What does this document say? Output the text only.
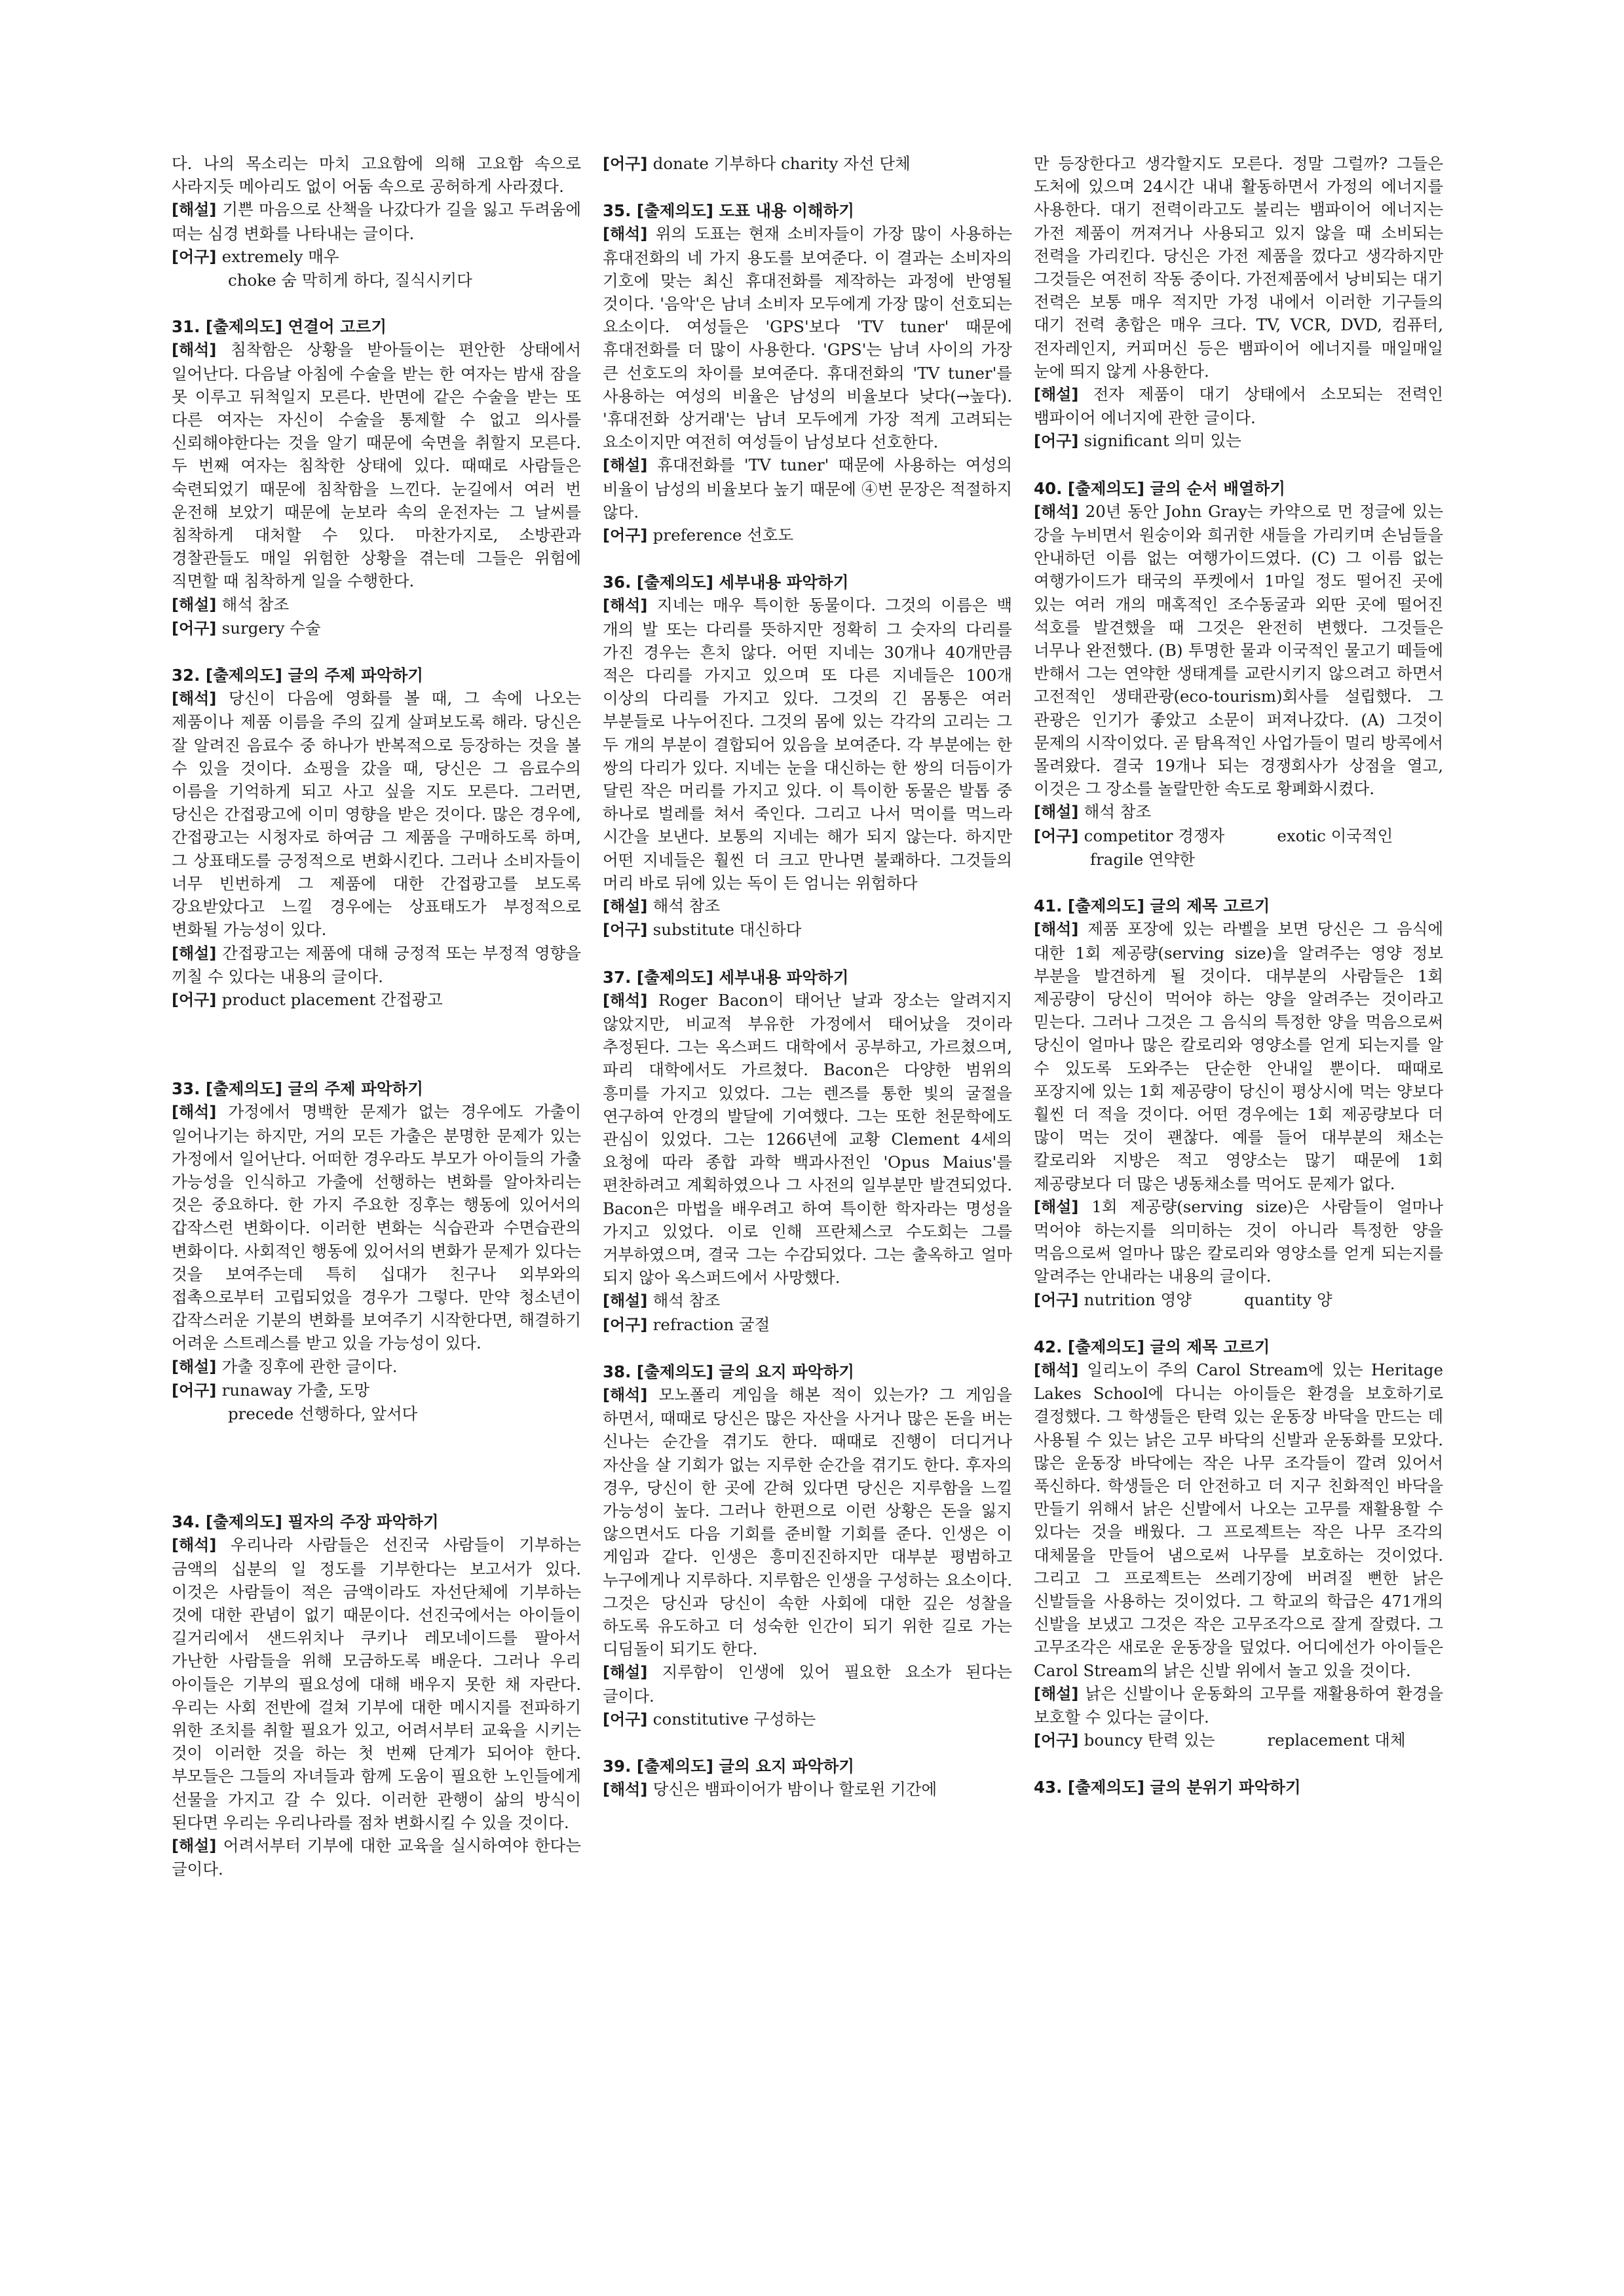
다. 나의 목소리는 마치 고요함에 의해 고요함 속으로 사라지듯 메아리도 없이 어둠 속으로 공허하게 사라졌다.

[ 해설 ] 기쁜 마음으로 산책을 나갔다가 길을 잃고 두려움에 떠는 심경 변화를 나타내는 글이다.

[ 어구 ] extremely 매우

choke 숨 막히게 하다, 질식시키다

31. [출제의도] 연결어 고르기

[ 해석 ] 침착함은 상황을 받아들이는 편안한 상태에서 일어난다. 다음날 아침에 수술을 받는 한 여자는 밤새 잠을 못 이루고 뒤척일지 모른다. 반면에 같은 수술을 받는 또 다른 여자는 자신이 수술을 통제할 수 없고 의사를 신뢰해야한다는 것을 알기 때문에 숙면을 취할지 모른다. 두 번째 여자는 침착한 상태에 있다. 때때로 사람들은 숙련되었기 때문에 침착함을 느낀다. 눈길에서 여러 번 운전해 보았기 때문에 눈보라 속의 운전자는 그 날씨를 침착하게 대처할 수 있다. 마찬가지로, 소방관과 경찰관들도 매일 위험한 상황을 겪는데 그들은 위험에 직면할 때 침착하게 일을 수행한다.

[ 해설 ] 해석 참조

[ 어구 ] surgery 수술

32. [출제의도] 글의 주제 파악하기

[ 해석 ] 당신이 다음에 영화를 볼 때, 그 속에 나오는 제품이나 제품 이름을 주의 깊게 살펴보도록 해라. 당신은 잘 알려진 음료수 중 하나가 반복적으로 등장하는 것을 볼 수 있을 것이다. 쇼핑을 갔을 때, 당신은 그 음료수의 이름을 기억하게 되고 사고 싶을 지도 모른다. 그러면, 당신은 간접광고에 이미 영향을 받은 것이다. 많은 경우에, 간접광고는 시청자로 하여금 그 제품을 구매하도록 하며, 그 상표태도를 긍정적으로 변화시킨다. 그러나 소비자들이 너무 빈번하게 그 제품에 대한 간접광고를 보도록 강요받았다고 느낄 경우에는 상표태도가 부정적으로 변화될 가능성이 있다.

[ 해설 ] 간접광고는 제품에 대해 긍정적 또는 부정적 영향을 끼칠 수 있다는 내용의 글이다.

[ 어구 ] product placement 간접광고

33. [출제의도] 글의 주제 파악하기

[ 해석 ] 가정에서 명백한 문제가 없는 경우에도 가출이 일어나기는 하지만, 거의 모든 가출은 분명한 문제가 있는 가정에서 일어난다. 어떠한 경우라도 부모가 아이들의 가출 가능성을 인식하고 가출에 선행하는 변화를 알아차리는 것은 중요하다. 한 가지 주요한 징후는 행동에 있어서의 갑작스런 변화이다. 이러한 변화는 식습관과 수면습관의 변화이다. 사회적인 행동에 있어서의 변화가 문제가 있다는 것을 보여주는데 특히 십대가 친구나 외부와의 접촉으로부터 고립되었을 경우가 그렇다. 만약 청소년이 갑작스러운 기분의 변화를 보여주기 시작한다면, 해결하기 어려운 스트레스를 받고 있을 가능성이 있다.

[ 해설 ] 가출 징후에 관한 글이다.

[ 어구 ] runaway 가출, 도망

precede 선행하다, 앞서다

34. [출제의도] 필자의 주장 파악하기

[ 해석 ] 우리나라 사람들은 선진국 사람들이 기부하는 금액의 십분의 일 정도를 기부한다는 보고서가 있다. 이것은 사람들이 적은 금액이라도 자선단체에 기부하는 것에 대한 관념이 없기 때문이다. 선진국에서는 아이들이 길거리에서 샌드위치나 쿠키나 레모네이드를 팔아서 가난한 사람들을 위해 모금하도록 배운다. 그러나 우리 아이들은 기부의 필요성에 대해 배우지 못한 채 자란다. 우리는 사회 전반에 걸쳐 기부에 대한 메시지를 전파하기 위한 조치를 취할 필요가 있고, 어려서부터 교육을 시키는 것이 이러한 것을 하는 첫 번째 단계가 되어야 한다. 부모들은 그들의 자녀들과 함께 도움이 필요한 노인들에게 선물을 가지고 갈 수 있다. 이러한 관행이 삶의 방식이 된다면 우리는 우리나라를 점차 변화시킬 수 있을 것이다.

[ 해설 ] 어려서부터 기부에 대한 교육을 실시하여야 한다는 글이다.

[ 어구 ] donate 기부하다 charity 자선 단체

35. [출제의도] 도표 내용 이해하기

[ 해석 ] 위의 도표는 현재 소비자들이 가장 많이 사용하는 휴대전화의 네 가지 용도를 보여준다. 이 결과는 소비자의 기호에 맞는 최신 휴대전화를 제작하는 과정에 반영될 것이다. '음악'은 남녀 소비자 모두에게 가장 많이 선호되는 요소이다. 여성들은 'GPS'보다 'TV tuner' 때문에 휴대전화를 더 많이 사용한다. 'GPS'는 남녀 사이의 가장 큰 선호도의 차이를 보여준다. 휴대전화의 'TV tuner'를 사용하는 여성의 비율은 남성의 비율보다 낮다(→높다). '휴대전화 상거래'는 남녀 모두에게 가장 적게 고려되는 요소이지만 여전히 여성들이 남성보다 선호한다.

[ 해설 ] 휴대전화를 'TV tuner' 때문에 사용하는 여성의 비율이 남성의 비율보다 높기 때문에 ④번 문장은 적절하지 않다.

[ 어구 ] preference 선호도

36. [출제의도] 세부내용 파악하기

[ 해석 ] 지네는 매우 특이한 동물이다. 그것의 이름은 백 개의 발 또는 다리를 뜻하지만 정확히 그 숫자의 다리를 가진 경우는 흔치 않다. 어떤 지네는 30개나 40개만큼 적은 다리를 가지고 있으며 또 다른 지네들은 100개 이상의 다리를 가지고 있다. 그것의 긴 몸통은 여러 부분들로 나누어진다. 그것의 몸에 있는 각각의 고리는 그 두 개의 부분이 결합되어 있음을 보여준다. 각 부분에는 한 쌍의 다리가 있다. 지네는 눈을 대신하는 한 쌍의 더듬이가 달린 작은 머리를 가지고 있다. 이 특이한 동물은 발톱 중 하나로 벌레를 쳐서 죽인다. 그리고 나서 먹이를 먹느라 시간을 보낸다. 보통의 지네는 해가 되지 않는다. 하지만 어떤 지네들은 훨씬 더 크고 만나면 불쾌하다. 그것들의 머리 바로 뒤에 있는 독이 든 엄니는 위험하다

[ 해설 ] 해석 참조

[ 어구 ] substitute 대신하다

37. [출제의도] 세부내용 파악하기

[ 해석 ] Roger Bacon이 태어난 날과 장소는 알려지지 않았지만, 비교적 부유한 가정에서 태어났을 것이라 추정된다. 그는 옥스퍼드 대학에서 공부하고, 가르쳤으며, 파리 대학에서도 가르쳤다. Bacon은 다양한 범위의 흥미를 가지고 있었다. 그는 렌즈를 통한 빛의 굴절을 연구하여 안경의 발달에 기여했다. 그는 또한 천문학에도 관심이 있었다. 그는 1266년에 교황 Clement 4세의 요청에 따라 종합 과학 백과사전인 'Opus Maius'를 편찬하려고 계획하였으나 그 사전의 일부분만 발견되었다. Bacon은 마법을 배우려고 하여 특이한 학자라는 명성을 가지고 있었다. 이로 인해 프란체스코 수도회는 그를 거부하였으며, 결국 그는 수감되었다. 그는 출옥하고 얼마 되지 않아 옥스퍼드에서 사망했다.

[ 해설 ] 해석 참조

[ 어구 ] refraction 굴절

38. [출제의도] 글의 요지 파악하기

[ 해석 ] 모노폴리 게임을 해본 적이 있는가? 그 게임을 하면서, 때때로 당신은 많은 자산을 사거나 많은 돈을 버는 신나는 순간을 겪기도 한다. 때때로 진행이 더디거나 자산을 살 기회가 없는 지루한 순간을 겪기도 한다. 후자의 경우, 당신이 한 곳에 갇혀 있다면 당신은 지루함을 느낄 가능성이 높다. 그러나 한편으로 이런 상황은 돈을 잃지 않으면서도 다음 기회를 준비할 기회를 준다. 인생은 이 게임과 같다. 인생은 흥미진진하지만 대부분 평범하고 누구에게나 지루하다. 지루함은 인생을 구성하는 요소이다. 그것은 당신과 당신이 속한 사회에 대한 깊은 성찰을 하도록 유도하고 더 성숙한 인간이 되기 위한 길로 가는 디딤돌이 되기도 한다.

[ 해설 ] 지루함이 인생에 있어 필요한 요소가 된다는 글이다.

[ 어구 ] constitutive 구성하는

39. [출제의도] 글의 요지 파악하기

[ 해석 ] 당신은 뱀파이어가 밤이나 할로윈 기간에

만 등장한다고 생각할지도 모른다. 정말 그럴까? 그들은 도처에 있으며 24시간 내내 활동하면서 가정의 에너지를 사용한다. 대기 전력이라고도 불리는 뱀파이어 에너지는 가전 제품이 꺼져거나 사용되고 있지 않을 때 소비되는 전력을 가리킨다. 당신은 가전 제품을 껐다고 생각하지만 그것들은 여전히 작동 중이다. 가전제품에서 낭비되는 대기 전력은 보통 매우 적지만 가정 내에서 이러한 기구들의 대기 전력 총합은 매우 크다. TV, VCR, DVD, 컴퓨터, 전자레인지, 커피머신 등은 뱀파이어 에너지를 매일매일 눈에 띄지 않게 사용한다.

[ 해설 ] 전자 제품이 대기 상태에서 소모되는 전력인 뱀파이어 에너지에 관한 글이다.

[ 어구 ] significant 의미 있는

40. [출제의도] 글의 순서 배열하기

[ 해석 ] 20년 동안 John Gray는 카약으로 먼 정글에 있는 강을 누비면서 원숭이와 희귀한 새들을 가리키며 손님들을 안내하던 이름 없는 여행가이드였다. (C) 그 이름 없는 여행가이드가 태국의 푸켓에서 1마일 정도 떨어진 곳에 있는 여러 개의 매혹적인 조수동굴과 외딴 곳에 떨어진 석호를 발견했을 때 그것은 완전히 변했다. 그것들은 너무나 완전했다. (B) 투명한 물과 이국적인 물고기 떼들에 반해서 그는 연약한 생태계를 교란시키지 않으려고 하면서 고전적인 생태관광(eco-tourism)회사를 설립했다. 그 관광은 인기가 좋았고 소문이 퍼져나갔다. (A) 그것이 문제의 시작이었다. 곧 탐욕적인 사업가들이 멀리 방콕에서 몰려왔다. 결국 19개나 되는 경쟁회사가 상점을 열고, 이것은 그 장소를 놀랄만한 속도로 황폐화시켰다.

[ 해설 ] 해석 참조

[ 어구 ] competitor 경쟁자	exotic 이국적인

fragile 연약한

41. [출제의도] 글의 제목 고르기

[ 해석 ] 제품 포장에 있는 라벨을 보면 당신은 그 음식에 대한 1회 제공량(serving size)을 알려주는 영양 정보 부분을 발견하게 될 것이다. 대부분의 사람들은 1회 제공량이 당신이 먹어야 하는 양을 알려주는 것이라고 믿는다. 그러나 그것은 그 음식의 특정한 양을 먹음으로써 당신이 얼마나 많은 칼로리와 영양소를 얻게 되는지를 알 수 있도록 도와주는 단순한 안내일 뿐이다. 때때로 포장지에 있는 1회 제공량이 당신이 평상시에 먹는 양보다 훨씬 더 적을 것이다. 어떤 경우에는 1회 제공량보다 더 많이 먹는 것이 괜찮다. 예를 들어 대부분의 채소는 칼로리와 지방은 적고 영양소는 많기 때문에 1회 제공량보다 더 많은 냉동채소를 먹어도 문제가 없다.

[ 해설 ] 1회 제공량(serving size)은 사람들이 얼마나 먹어야 하는지를 의미하는 것이 아니라 특정한 양을 먹음으로써 얼마나 많은 칼로리와 영양소를 얻게 되는지를 알려주는 안내라는 내용의 글이다.

[ 어구 ] nutrition 영양	quantity 양

42. [출제의도] 글의 제목 고르기

[ 해석 ] 일리노이 주의 Carol Stream에 있는 Heritage Lakes School에 다니는 아이들은 환경을 보호하기로 결정했다. 그 학생들은 탄력 있는 운동장 바닥을 만드는 데 사용될 수 있는 낡은 고무 바닥의 신발과 운동화를 모았다. 많은 운동장 바닥에는 작은 나무 조각들이 깔려 있어서 푹신하다. 학생들은 더 안전하고 더 지구 친화적인 바닥을 만들기 위해서 낡은 신발에서 나오는 고무를 재활용할 수 있다는 것을 배웠다. 그 프로젝트는 작은 나무 조각의 대체물을 만들어 냄으로써 나무를 보호하는 것이었다. 그리고 그 프로젝트는 쓰레기장에 버려질 뻔한 낡은 신발들을 사용하는 것이었다. 그 학교의 학급은 471개의 신발을 보냈고 그것은 작은 고무조각으로 잘게 잘렸다. 그 고무조각은 새로운 운동장을 덮었다. 어디에선가 아이들은 Carol Stream의 낡은 신발 위에서 놀고 있을 것이다.

[ 해설 ] 낡은 신발이나 운동화의 고무를 재활용하여 환경을 보호할 수 있다는 글이다.

[ 어구 ] bouncy 탄력 있는	replacement 대체

43. [출제의도] 글의 분위기 파악하기
